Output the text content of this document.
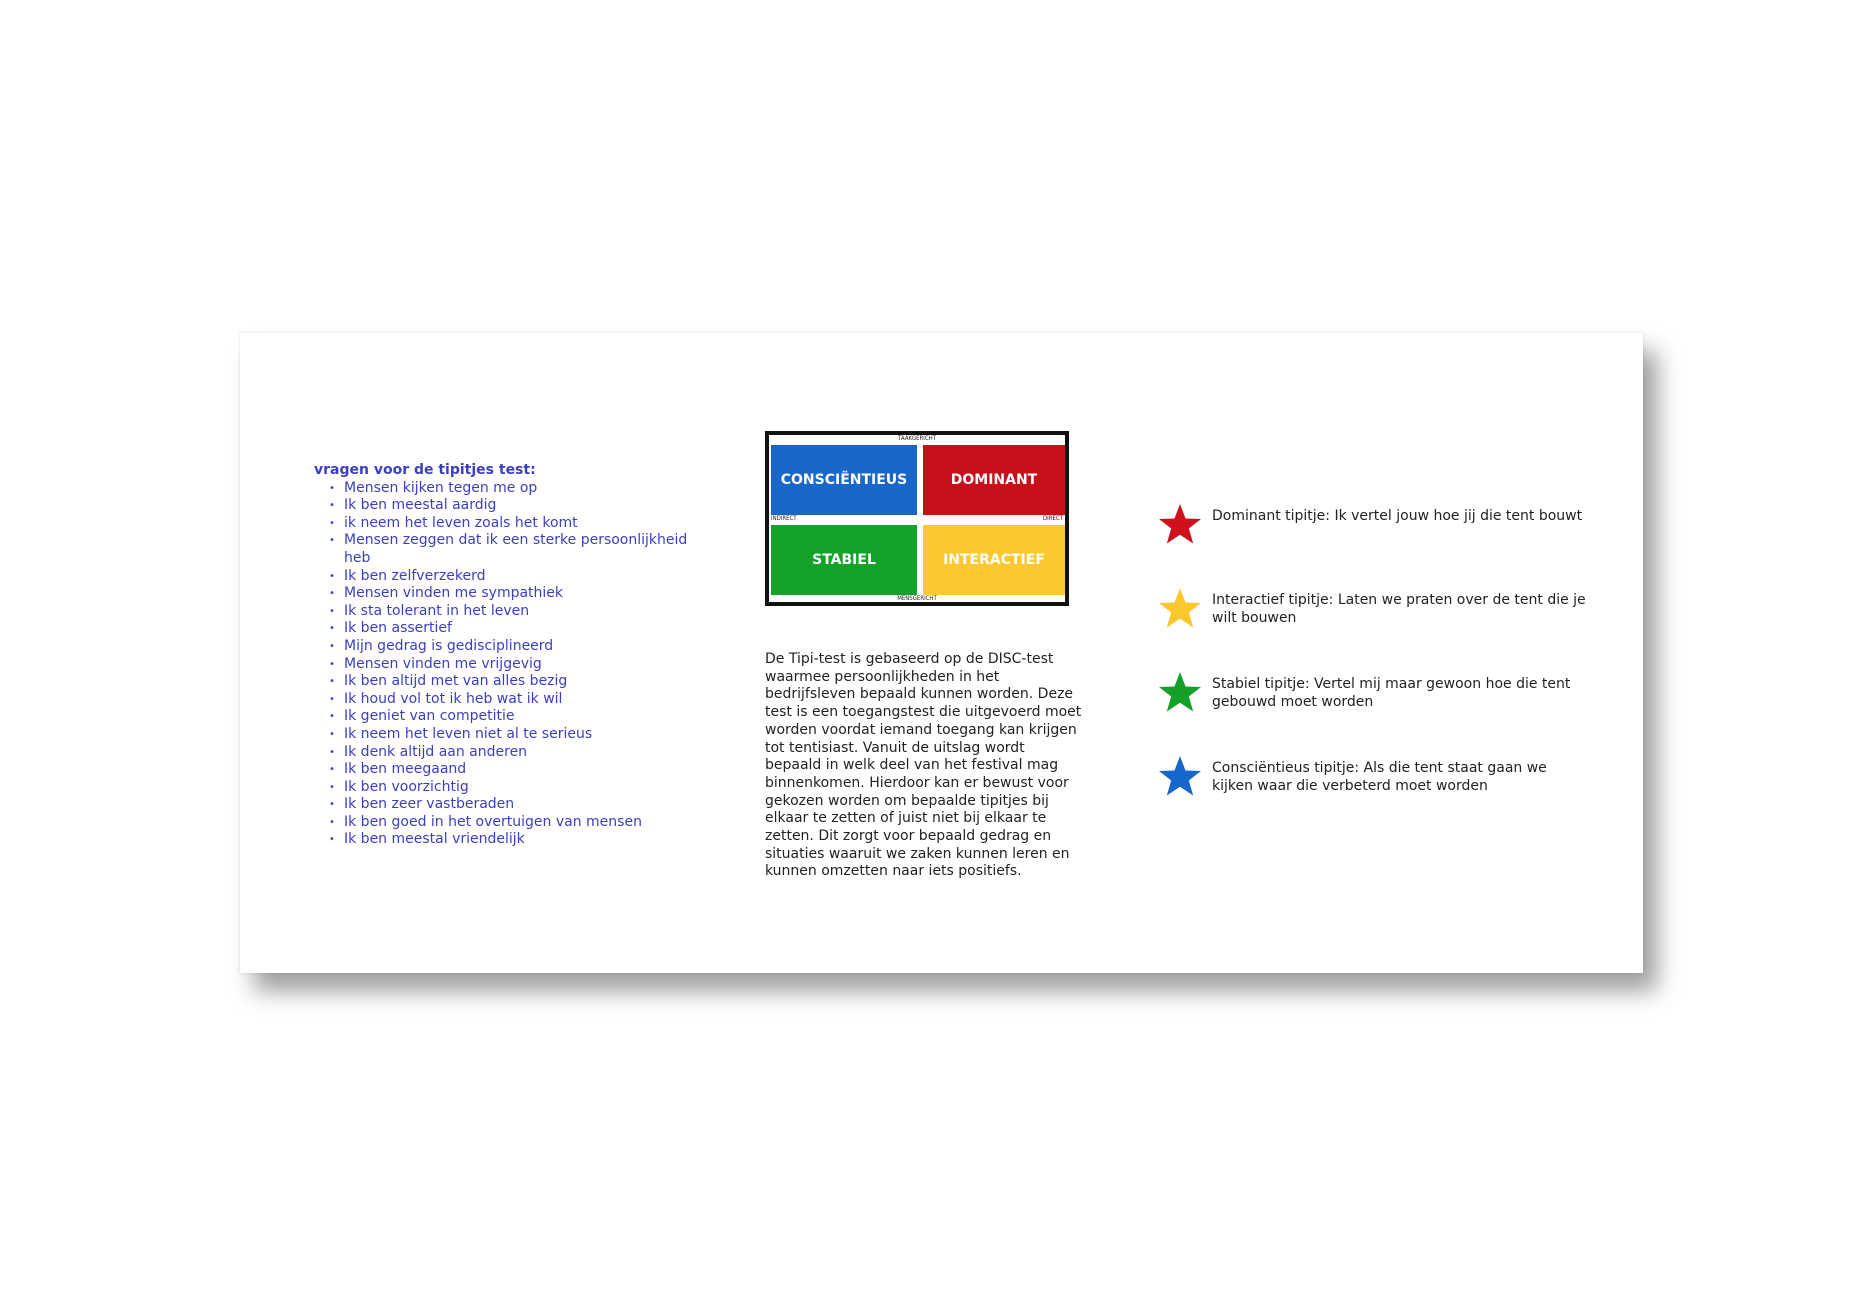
vragen voor de tipitjes test:
• Mensen kijken tegen me op
• Ik ben meestal aardig
• ik neem het leven zoals het komt
• Mensen zeggen dat ik een sterke persoonlijkheid heb
• Ik ben zelfverzekerd
• Mensen vinden me sympathiek
• Ik sta tolerant in het leven
• Ik ben assertief
• Mijn gedrag is gedisciplineerd
• Mensen vinden me vrijgevig
• Ik ben altijd met van alles bezig
• Ik houd vol tot ik heb wat ik wil
• Ik geniet van competitie
• Ik neem het leven niet al te serieus
• Ik denk altijd aan anderen
• Ik ben meegaand
• Ik ben voorzichtig
• Ik ben zeer vastberaden
• Ik ben goed in het overtuigen van mensen
• Ik ben meestal vriendelijk
TAAKGERICHT
INDIRECT	DIRECT
MENSGERICHT
CONSCIËNTIEUS	DOMINANT
STABIEL	INTERACTIEF
De Tipi-test is gebaseerd op de DISC-test waarmee persoonlijkheden in het bedrijfsleven bepaald kunnen worden. Deze test is een toegangstest die uitgevoerd moet worden voordat iemand toegang kan krijgen tot tentisiast. Vanuit de uitslag wordt bepaald in welk deel van het festival mag binnenkomen. Hierdoor kan er bewust voor gekozen worden om bepaalde tipitjes bij elkaar te zetten of juist niet bij elkaar te zetten. Dit zorgt voor bepaald gedrag en situaties waaruit we zaken kunnen leren en kunnen omzetten naar iets positiefs.
Dominant tipitje: Ik vertel jouw hoe jij die tent bouwt
Interactief tipitje: Laten we praten over de tent die je wilt bouwen
Stabiel tipitje: Vertel mij maar gewoon hoe die tent gebouwd moet worden
Consciëntieus tipitje: Als die tent staat gaan we kijken waar die verbeterd moet worden
